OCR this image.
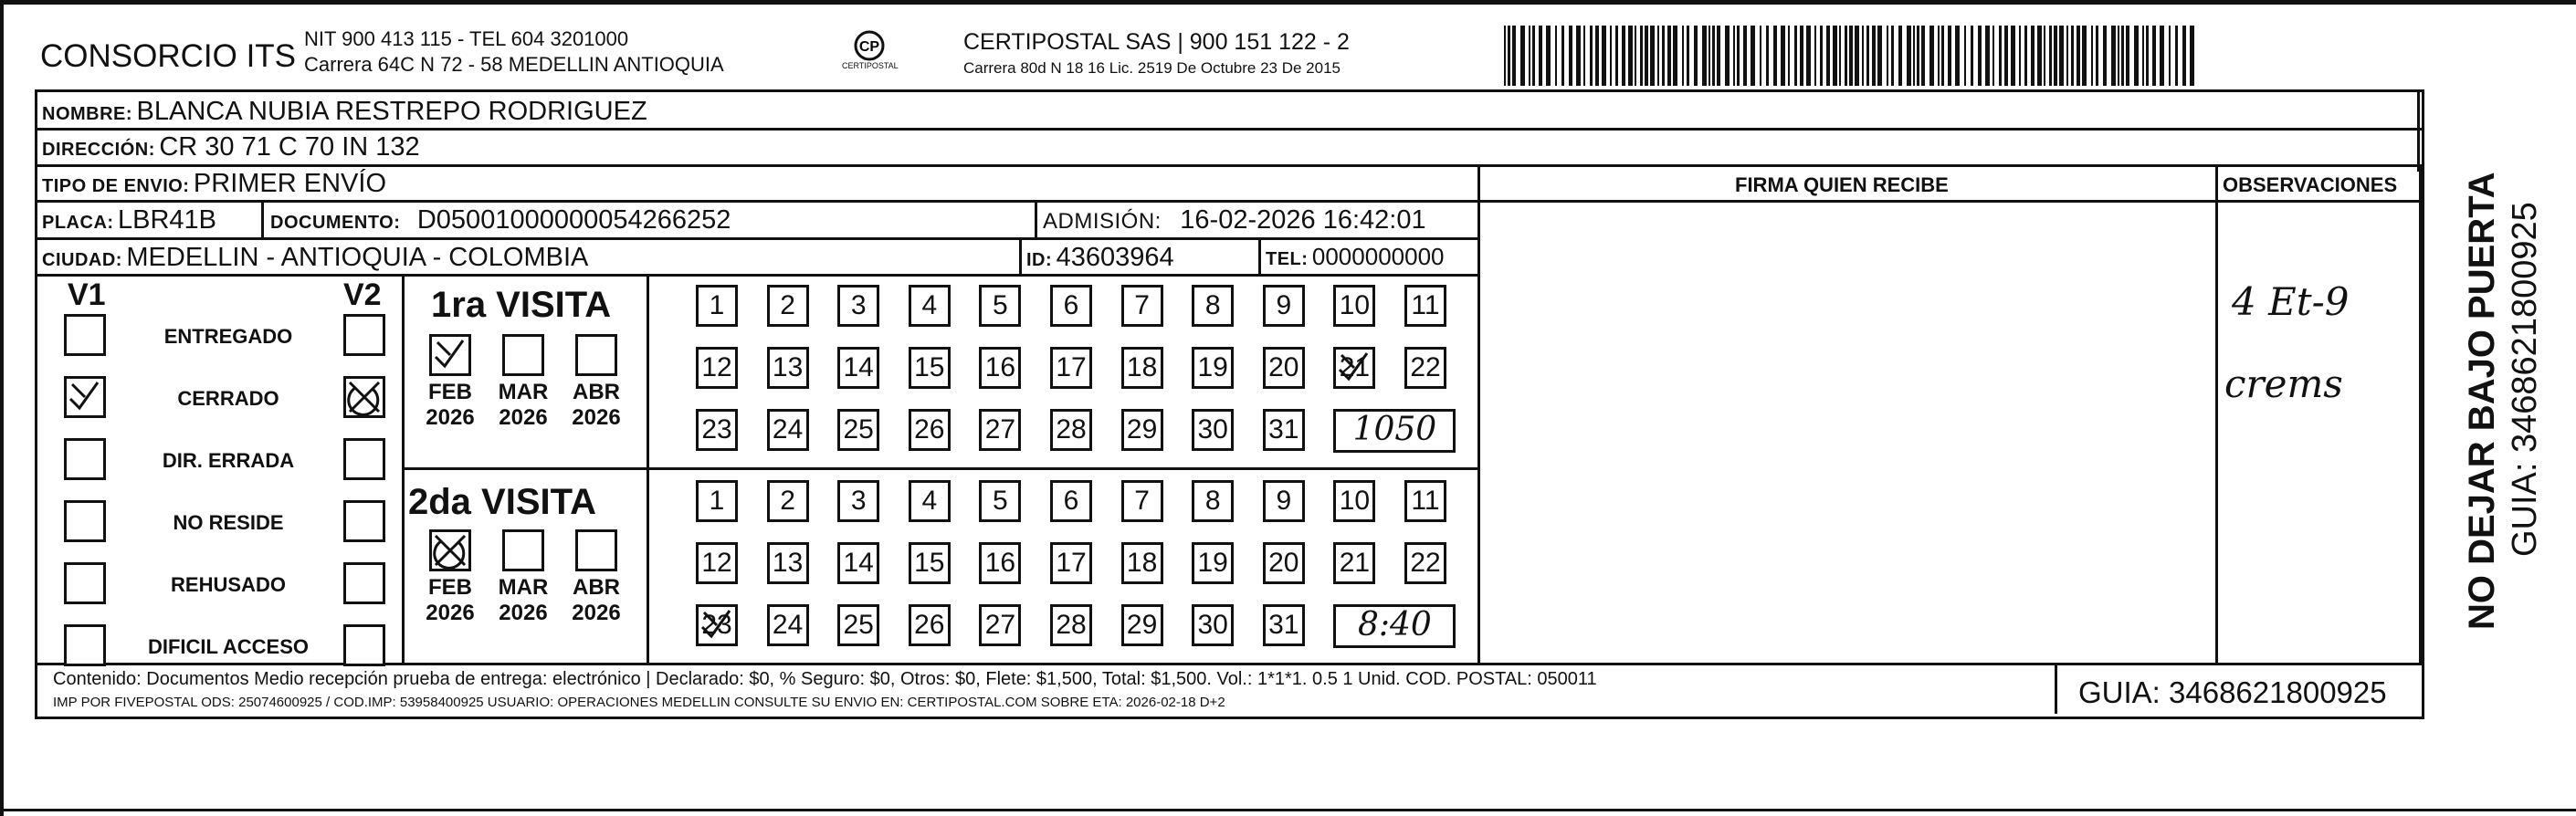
CONSORCIO ITS NIT 900 413 115 - TEL 604 3201000
Carrera 64C N 72 - 58 MEDELLIN ANTIOQUIA
CP
CERTIPOSTAL
CERTIPOSTAL SAS | 900 151 122 - 2
Carrera 80d N 18 16 Lic. 2519 De Octubre 23 De 2015
NOMBRE: BLANCA NUBIA RESTREPO RODRIGUEZ
DIRECCIÓN: CR 30 71 C 70 IN 132
TIPO DE ENVIO: PRIMER ENVÍO	FIRMA QUIEN RECIBE	OBSERVACIONES
PLACA: LBR41B	DOCUMENTO: D05001000000054266252	ADMISIÓN: 16-02-2026 16:42:01
CIUDAD: MEDELLIN - ANTIOQUIA - COLOMBIA	ID: 43603964	TEL: 0000000000
V1	V2
ENTREGADO
CERRADO
DIR. ERRADA
NO RESIDE
REHUSADO
DIFICIL ACCESO
1ra VISITA
2da VISITA
FEB
2026
MAR
2026
ABR
2026
1	2	3	4	5	6	7	8	9	10 11
12 13 14 15 16 17 18 19 20 21 22
23 24 25 26 27 28 29 30 31	1050
FEB
2026
MAR
2026
ABR
2026
1	2	3	4	5	6	7	8	9	10 11
12 13 14 15 16 17 18 19 20 21 22
23 24 25 26 27 28 29 30 31	8:40
4 Et-9
crems
Contenido: Documentos Medio recepción prueba de entrega: electrónico | Declarado: $0, % Seguro: $0, Otros: $0, Flete: $1,500, Total: $1,500. Vol.: 1*1*1. 0.5 1 Unid. COD. POSTAL: 050011
IMP POR FIVEPOSTAL ODS: 25074600925 / COD.IMP: 53958400925 USUARIO: OPERACIONES MEDELLIN CONSULTE SU ENVIO EN: CERTIPOSTAL.COM SOBRE ETA: 2026-02-18 D+2	GUIA: 3468621800925
NO DEJAR BAJO PUERTA GUIA: 3468621800925
